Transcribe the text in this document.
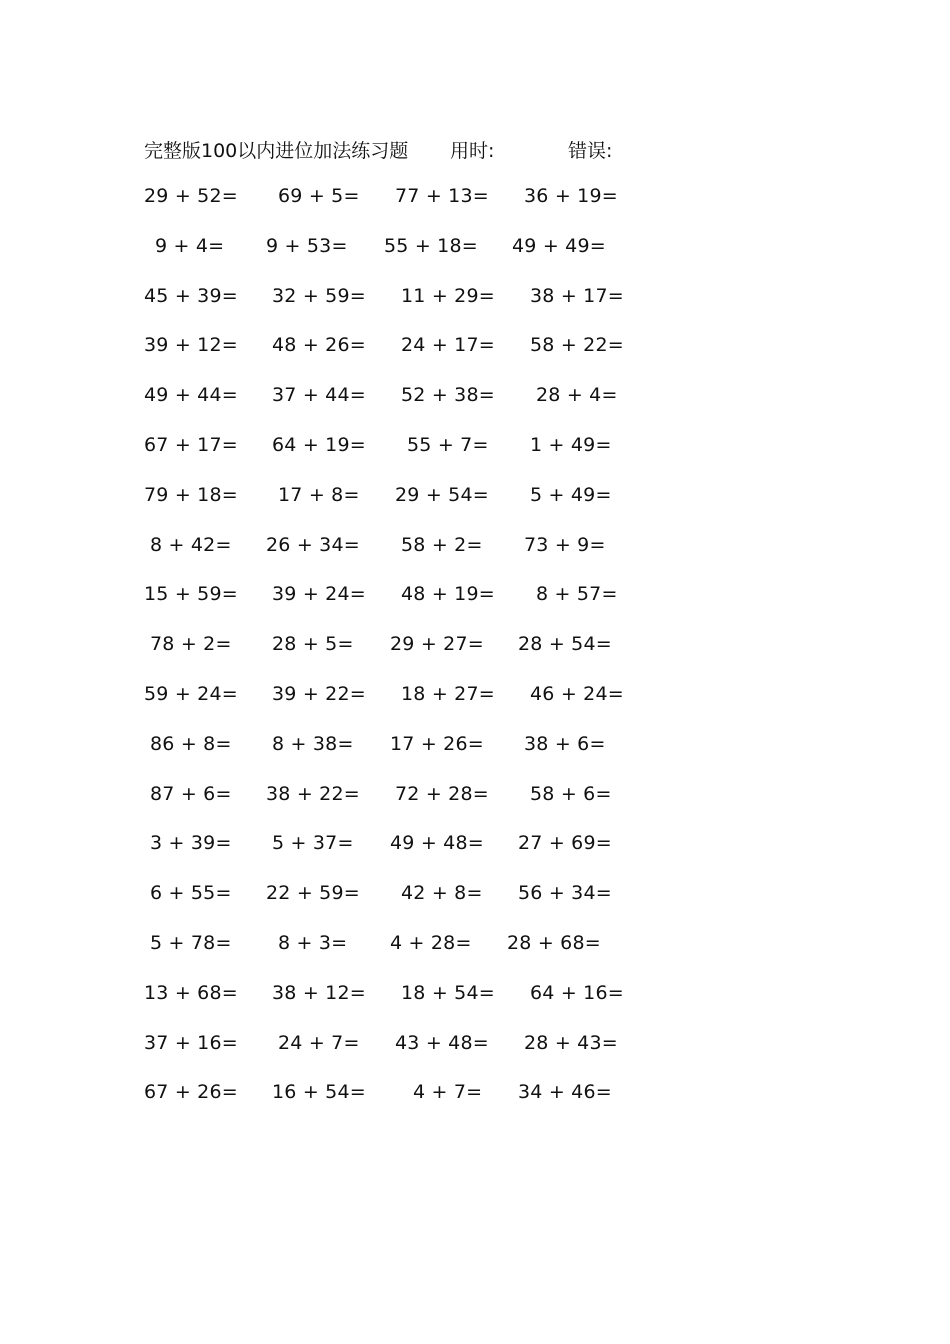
完整版100以内进位加法练习题 用时:	错误:
29 + 52= 69 + 5= 77 + 13= 36 + 19=
9 + 4= 9 + 53= 55 + 18= 49 + 49=
45 + 39= 32 + 59= 11 + 29= 38 + 17=
39 + 12= 48 + 26= 24 + 17= 58 + 22=
49 + 44= 37 + 44= 52 + 38= 28 + 4=
67 + 17= 64 + 19= 55 + 7= 1 + 49=
79 + 18= 17 + 8= 29 + 54= 5 + 49=
8 + 42= 26 + 34= 58 + 2= 73 + 9=
15 + 59= 39 + 24= 48 + 19= 8 + 57=
78 + 2= 28 + 5= 29 + 27= 28 + 54=
59 + 24= 39 + 22= 18 + 27= 46 + 24=
86 + 8= 8 + 38= 17 + 26= 38 + 6=
87 + 6= 38 + 22= 72 + 28= 58 + 6=
3 + 39= 5 + 37= 49 + 48= 27 + 69=
6 + 55= 22 + 59= 42 + 8= 56 + 34=
5 + 78= 8 + 3= 4 + 28= 28 + 68=
13 + 68= 38 + 12= 18 + 54= 64 + 16=
37 + 16= 24 + 7= 43 + 48= 28 + 43=
67 + 26= 16 + 54= 4 + 7= 34 + 46=
